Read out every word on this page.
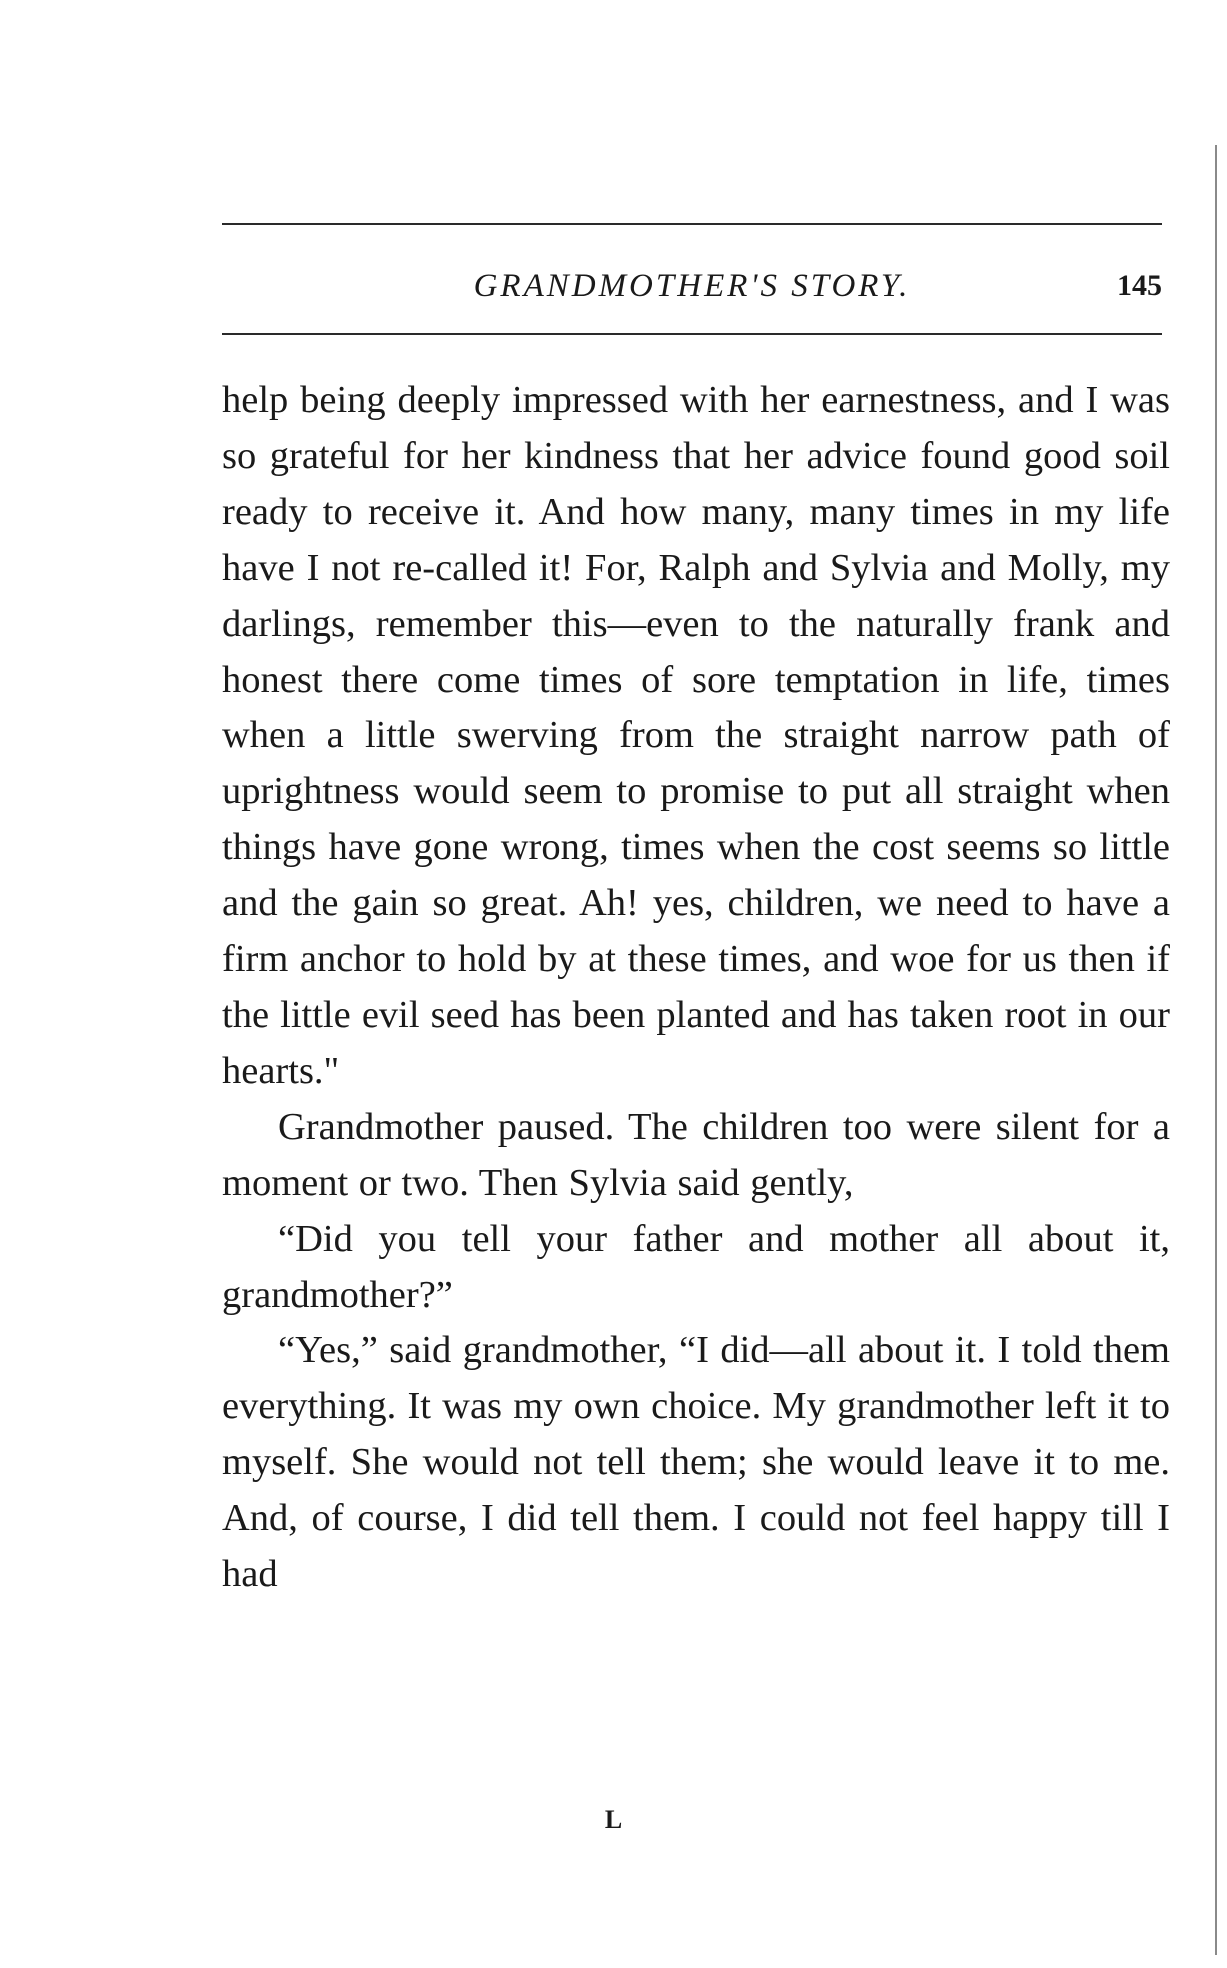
GRANDMOTHER'S STORY.	145

help being deeply impressed with her earnestness, and I was so grateful for her kindness that her advice found good soil ready to receive it. And how many, many times in my life have I not re-called it! For, Ralph and Sylvia and Molly, my darlings, remember this—even to the naturally frank and honest there come times of sore temptation in life, times when a little swerving from the straight narrow path of uprightness would seem to promise to put all straight when things have gone wrong, times when the cost seems so little and the gain so great. Ah! yes, children, we need to have a firm anchor to hold by at these times, and woe for us then if the little evil seed has been planted and has taken root in our hearts."

Grandmother paused. The children too were silent for a moment or two. Then Sylvia said gently,

“Did you tell your father and mother all about it, grandmother?”

“Yes,” said grandmother, “I did—all about it. I told them everything. It was my own choice. My grandmother left it to myself. She would not tell them; she would leave it to me. And, of course, I did tell them. I could not feel happy till I had

L
